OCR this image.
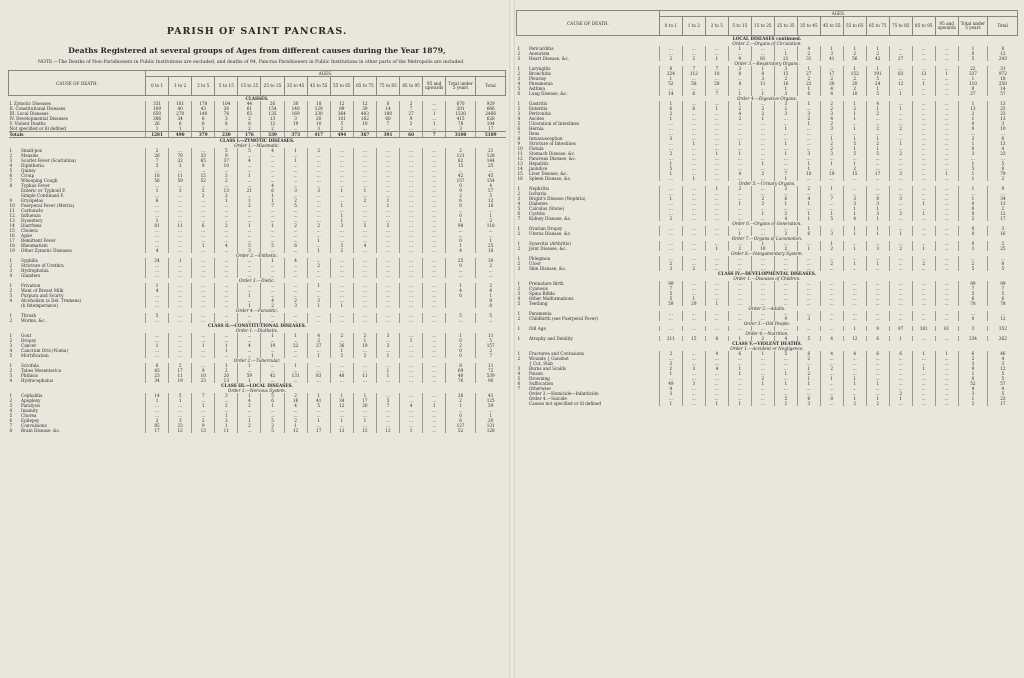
PARISH OF SAINT PANCRAS.
Deaths Registered at several groups of Ages from different causes during the Year 1879,
NOTE.—The Deaths of Non-Parishioners in Public Institutions are excluded, and deaths of 94, Pancras Parishioners in Public Institutions in other parts of the Metropolis are included.
CAUSE OF DEATH.		AGES.														
		0 to 1	1 to 2	2 to 5	5 to 15	15 to 25	25 to 35	35 to 45	45 to 55	55 to 65	65 to 75	75 to 85	85 to 95	95 and upwards	Total under 5 years	Total
CLASSES.																
I. Zymotic Diseases		331	161	178	104	44	26	30	18	12	12	6	2	...	670	929
II. Constitutional Diseases		109	40	43	36	61	154	140	129	89	39	14	7	...	201	666
III. Local Diseases		650	270	140	78	65	135	169	230	364	403	180	27	1	1520	2466
IV. Developmental Diseases		306	34	6	3	2	13	3	20	101	162	60	9	...	415	628
V. Violent Deaths		26	6	6	8	8	12	19	10	5	10	7	2	1	78	104
Not specified or ill defined		1	1	1	...	2	2	...	3	2	...	...	...	...	3	17
Totals		1281	490	379	230	176	339	373	417	494	367	391	60	7	3100	5189
CLASS I.—ZYMOTIC DISEASES.																
Order 1.—Miasmatic.																
1	Small-pox	2	...	...	5	5	4	1	2	...	...	...	...	...	2	21
2	Measles	26	78	33	9	...	...	...	...	...	...	...	...	...	121	128
3	Scarlet Fever (Scarlatina)	7	32	65	37	4	...	1	...	...	...	...	...	...	82	144
4	Diphtheria	5	3	9	10	...	...	...	...	...	...	...	...	...	15	25
5	Quinsy	...	...	...	...	...	...	...	...	...	...	...	...	...	...	...
6	Croup	16	11	15	3	1	...	...	...	...	...	...	...	...	42	45
7	Whooping Cough	56	59	52	2	...	...	...	...	...	...	...	...	...	157	154
8	Typhus Fever	...	...	...	...	...	4	...	...	...	...	...	...	...	0	4
	Enteric or Typhoid F.	1	3	5	13	21	6	3	3	1	1	...	...	...	9	57
	Simple Continued F.	...	...	2	2	...	1	...	...	...	...	...	...	...	2	5
9	Erysipelas	6	...	...	1	1	1	2	...	...	2	1	...	...	6	12
10	Puerperal Fever (Metria)	...	...	...	...	2	7	5	...	1	...	1	...	...	0	16
11	Carbuncle	...	...	...	...	...	...	...	...	...	...	...	...	...	...	...
12	Influenza	...	...	...	...	...	...	...	...	1	...	...	...	...	0	1
13	Dysentery	1	...	...	...	...	...	...	...	1	...	...	...	...	1	2
14	Diarrhœa	81	11	6	2	1	1	2	2	3	5	5	...	...	98	118
15	Cholera	...	...	...	...	...	...	...	...	...	...	...	...	...	...	...
16	Ague	...	...	...	...	...	...	...	...	...	...	...	...	...	...	...
17	Remittent Fever	...	...	...	...	...	...	...	1	...	...	...	...	...	0	1
18	Rheumatism	...	...	1	4	5	5	6	...	3	4	...	...	...	1	25
19	Other Zymotic Diseases	4	...	...	...	3	...	...	1	2	...	...	...	...	4	18
Order 2.—Enthetic.																
1	Syphilis	24	1	...	...	...	1	4	...	...	...	...	...	...	25	30
2	Stricture of Urethra	...	...	...	...	...	...	...	2	...	...	...	...	...	0	2
3	Hydrophobia	...	...	...	...	...	...	...	...	...	...	...	...	...	...	...
4	Glanders	...	...	...	...	...	...	...	...	...	...	...	...	...	...	...
Order 3.—Dietic.																
1	Privation	1	...	...	...	...	...	...	1	...	...	...	...	...	1	2
2	Want of Breast Milk	4	...	...	...	...	...	...	...	...	...	...	...	...	4	4
3	Purpura and Scurvy	...	...	...	...	1	...	...	...	...	...	...	...	...	0	1
4	Alcoholism (a Del. Tremens)	...	...	...	...	...	4	2	3	...	...	...	...	...		9
	(b Intemperance)	...	...	...	...	1	2	3	1	1	...	...	...	...		8
Order 4.—Parasitic.																
1	Thrush	5	...	...	...	...	...	...	...	...	...	...	...	...	5	5
2	Worms, &c.	...	...	...	...	...	...	...	...	...	...	...	...	...	...	...
CLASS II.—CONSTITUTIONAL DISEASES.																
Order 1.—Diathetic.																
1	Gout	...	...	...	...	...	1	1	4	2	2	3	...	...	1	11
2	Dropsy	...	...	...	...	...	...	...	2	...	1	...	1	...	0	5
3	Cancer	1	...	1	1	4	19	22	37	36	19	3	...	...	2	157
4	Cancrum Oris (Noma)	...	...	...	1	...	...	...	...	1	...	...	...	...	0	2
5	Mortification	...	...	...	...	...	1	...	1	2	2	1	...	...	0	7
Order 2.—Tubercular.																
1	Scrofula	6	2	...	1	1	...	1	...	...	...	...	...	...	8	11
2	Tabes Mesenterica	43	17	9	2	...	...	...	...	...	...	1	...	...	69	72
3	Phthisis	23	11	10	20	59	42	131	83	48	11	1	...	...	46	539
4	Hydrocephalus	34	19	23	13	1	...	...	...	...	...	...	...	...	76	90
CLASS III.—LOCAL DISEASES.																
Order 1.—Nervous System.																
1	Cephalitis	14	5	7	3	1	5	2	1	1	1	...	...	...	26	41
2	Apoplexy	1	1	...	...	4	6	16	41	34	17	5	...	...	2	125
3	Paralysis	...	...	1	2	2	1	4	5	12	20	7	4	1	1	59
4	Insanity	...	...	...	...	...	...	...	...	...	...	...	...	...	...	...
5	Chorea	...	...	...	1	...	...	...	...	...	...	...	...	...	0	1
6	Epilepsy	2	3	2	3	1	5	2	1	1	1	...	...	...	6	20
7	Convulsions	85	23	9	1	2	2	1	...	...	...	...	...	...	127	131
8	Brain Disease, &c.	17	12	13	11	...	5	12	17	13	15	12	1	...	52	128
CAUSE OF DEATH.		AGES.														
		0 to 1	1 to 2	2 to 5	5 to 15	15 to 25	25 to 35	35 to 45	45 to 55	55 to 65	65 to 75	75 to 85	85 to 95	95 and upwards	Total under 5 years	Total
LOCAL DISEASES continued.																
Order 2.—Organs of Circulation.																
1	Pericarditis	...	...	...	1	...	...	4	1	1	1	...	...	...	1	8
2	Aneurism	...	...	...	...	...	1	2	3	2	2	...	...	...	0	12
3	Heart Disease, &c.	2	2	1	9	81	21	31	41	56	42	27	...	...	5	243
Order 3.—Respiratory Organs.																
1	Laryngitis	8	7	7	3	1	3	1	...	1	1	...	...	...	22	31
2	Bronchitis	224	112	10	8	8	15	27	17	152	191	83	13	1	337	972
3	Pleurisy	1	...	...	...	3	2	2	2	2	5	...	...	...	1	18
4	Pneumonia	52	58	28	8	11	16	22	30	20	24	12	1	...	110	250
5	Asthma	...	...	...	...	...	1	1	4	2	1	...	...	...	0	14
6	Lung Disease, &c.	14	6	7	1	1	3	6	4	10	5	1	...	...	27	57
Order 4.—Digestive Organs.																
1	Gastritis	1	...	...	1	...	3	1	2	1	4	...	...	...	1	13
2	Enteritis	6	6	1	2	2	2	...	2	2	1	1	...	...	13	25
3	Peritonitis	2	...	...	4	2	3	3	3	1	2	...	...	...	2	23
4	Ascites	1	...	...	2	1	...	2	4	1	...	...	...	...	1	13
5	Ulceration of Intestines	...	...	...	...	...	...	1	2	...	...	...	...	...	0	3
6	Hernia	...	...	...	...	...	1	...	3	1	2	2	...	...	0	10
7	Ileus	...	...	...	...	...	...	...	...	...	...	...	...	...	...	...
8	Intussusception	3	...	...	...	...	...	...	1	1	1	...	...	...	3	6
9	Stricture of Intestines	...	1	...	1	...	1	...	2	5	2	1	...	...	1	13
10	Fistula	...	...	...	...	...	...	...	2	1	1	...	...	...	0	4
11	Stomach Disease, &c.	2	...	1	1	...	1	3	3	5	5	2	...	...	3	23
12	Pancreas Disease, &c.	...	...	...	...	...	...	...	...	...	...	...	...	...	...	...
13	Hepatitis	1	...	...	...	1	...	1	1	1	...	...	...	...	1	5
14	Jaundice	5	...	...	...	...	...	1	...	2	...	...	...	...	5	8
15	Liver Disease, &c.	1	...	...	4	2	7	10	19	15	17	3	...	1	1	79
16	Spleen Disease, &c.	...	1	...	...	...	1	...	...	...	...	...	...	...	1	2
Order 5.—Urinary Organs.																
1	Nephritis	...	...	1	2	...	3	2	1	...	...	...	...	...	1	9
2	Ischuria	...	...	...	...	...	...	...	...	...	...	...	...	...	...	...
3	Bright's Disease (Nephria)	1	...	...	...	2	6	4	7	3	8	3	...	...	1	34
4	Diabetes	...	...	...	1	2	1	1	...	3	3	...	1	...	0	13
5	Calculus (Stone)	...	...	...	...	...	...	...	...	1	1	...	...	...	0	2
6	Cystitis	...	...	...	...	1	2	1	1	1	3	2	1	...	0	12
7	Kidney Disease, &c.	2	...	...	...	...	4	1	5	4	1	...	...	...	2	17
Order 6.—Organs of Generation.																
1	Ovarian Dropsy	...	...	...	...	...	...	1	...	1	1	...	...	...	0	3
2	Uterus Disease, &c.	...	...	...	1	...	3	6	3	1	1	1	...	...	0	16
Order 7.—Organs of Locomotion.																
1	Synovitis (Arthritis)	...	...	...	...	1	...	...	1	...	...	...	...	...	0	2
2	Joint Disease, &c.	...	...	1	2	10	2	1	2	1	3	2	1	...	3	25
Order 8.—Integumentary System.																
1	Phlegmon	...	...	...	...	...	...	...	...	...	...	...	...	...	...	...
2	Ulcer	2	...	...	...	...	...	...	2	1	1	...	2	...	2	8
3	Skin Disease, &c.	3	2	...	...	...	...	...	...	...	...	...	...	...	5	5
CLASS IV.—DEVELOPMENTAL DISEASES.																
Order 1.—Diseases of Children.																
1	Premature Birth	99	...	...	...	...	...	...	...	...	...	...	...	...	99	99
2	Cyanosis	7	...	...	...	...	...	...	...	...	...	...	...	...	7	7
3	Spina Bifida	5	...	...	...	...	...	...	...	...	...	...	...	...	5	5
4	Other Malformations	5	1	...	...	...	...	...	...	...	...	...	...	...	6	6
5	Teething	59	29	1	...	...	...	...	...	...	...	...	...	...	78	78
Order 2.—Adults.																
1	Paramenia	...	...	...	...	...	...	...	...	...	...	...	...	...	...	...
2	Childbirth (see Puerperal Fever)	...	...	...	...	...	9	3	...	...	...	...	...	...	0	12
Order 3.—Old People.																
1	Old Age	...	...	...	...	...	...	...	...	1	9	97	181	61	3	352
Order 4.—Nutrition.																
1	Atrophy and Debility	211	15	8	1	2	4	5	4	12	6	1	...	...	234	262
CLASS V.—VIOLENT DEATHS.																
Order 1.—Accident or Negligence.																
1	Fractures and Contusions	2	...	4	6	1	5	6	4	4	6	6	1	1	6	46
2	Wounds { Gunshot	...	...	...	...	...	...	2	...	...	...	...	...	...	2	4
	{ Cut, Stab	3	...	...	...	...	...	...	...	...	...	...	...	...	3	3
3	Burns and Scalds	2	3	4	1	...	...	1	2	...	...	...	1	...	9	12
4	Poison	1	...	...	1	...	1	2	...	...	...	...	...	...	1	5
5	Drowning	...	...	...	...	2	...	1	1	1	...	...	...	...	0	5
6	Suffocation	49	3	...	...	1	1	1	...	1	1	...	...	...	52	57
7	Otherwise	4	...	...	...	...	...	...	...	...	...	...	...	...	4	4
	Order 2.—Homicide—Infanticide	3	...	...	...	...	...	...	...	...	...	2	...	...	3	5
	Order 4.—Suicide	...	...	...	...	...	5	6	8	1	1	1	...	...	1	23
	Causes not specified or ill defined	1	...	1	1	...	2	3	...	2	2	...	...	...	2	17
